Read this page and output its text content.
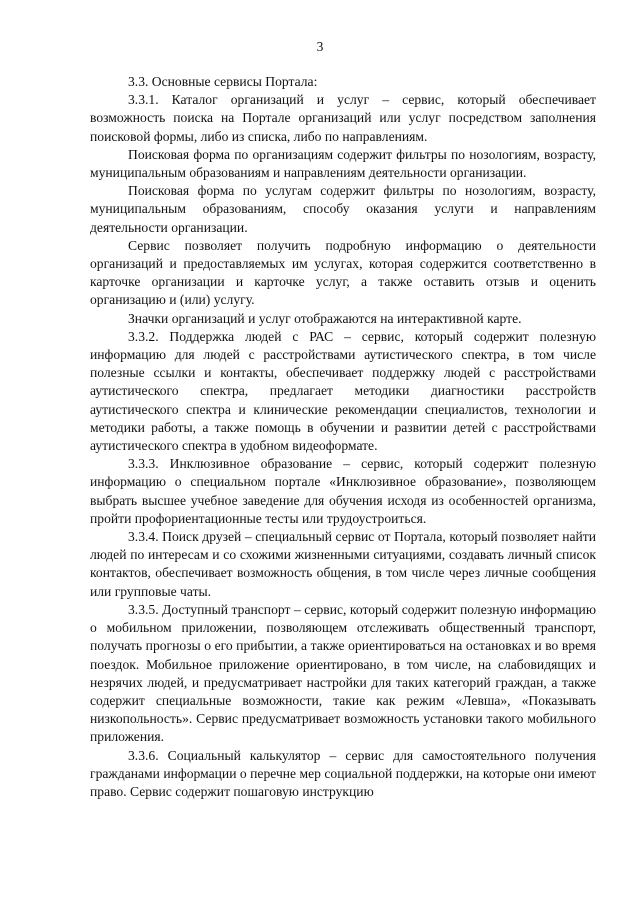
3

3.3. Основные сервисы Портала:

3.3.1. Каталог организаций и услуг – сервис, который обеспечивает возможность поиска на Портале организаций или услуг посредством заполнения поисковой формы, либо из списка, либо по направлениям.

Поисковая форма по организациям содержит фильтры по нозологиям, возрасту, муниципальным образованиям и направлениям деятельности организации.

Поисковая форма по услугам содержит фильтры по нозологиям, возрасту, муниципальным образованиям, способу оказания услуги и направлениям деятельности организации.

Сервис позволяет получить подробную информацию о деятельности организаций и предоставляемых им услугах, которая содержится соответственно в карточке организации и карточке услуг, а также оставить отзыв и оценить организацию и (или) услугу.

Значки организаций и услуг отображаются на интерактивной карте.

3.3.2. Поддержка людей с РАС – сервис, который содержит полезную информацию для людей с расстройствами аутистического спектра, в том числе полезные ссылки и контакты, обеспечивает поддержку людей с расстройствами аутистического спектра, предлагает методики диагностики расстройств аутистического спектра и клинические рекомендации специалистов, технологии и методики работы, а также помощь в обучении и развитии детей с расстройствами аутистического спектра в удобном видеоформате.

3.3.3. Инклюзивное образование – сервис, который содержит полезную информацию о специальном портале «Инклюзивное образование», позволяющем выбрать высшее учебное заведение для обучения исходя из особенностей организма, пройти профориентационные тесты или трудоустроиться.

3.3.4. Поиск друзей – специальный сервис от Портала, который позволяет найти людей по интересам и со схожими жизненными ситуациями, создавать личный список контактов, обеспечивает возможность общения, в том числе через личные сообщения или групповые чаты.

3.3.5. Доступный транспорт – сервис, который содержит полезную информацию о мобильном приложении, позволяющем отслеживать общественный транспорт, получать прогнозы о его прибытии, а также ориентироваться на остановках и во время поездок. Мобильное приложение ориентировано, в том числе, на слабовидящих и незрячих людей, и предусматривает настройки для таких категорий граждан, а также содержит специальные возможности, такие как режим «Левша», «Показывать низкопольность». Сервис предусматривает возможность установки такого мобильного приложения.

3.3.6. Социальный калькулятор – сервис для самостоятельного получения гражданами информации о перечне мер социальной поддержки, на которые они имеют право. Сервис содержит пошаговую инструкцию
